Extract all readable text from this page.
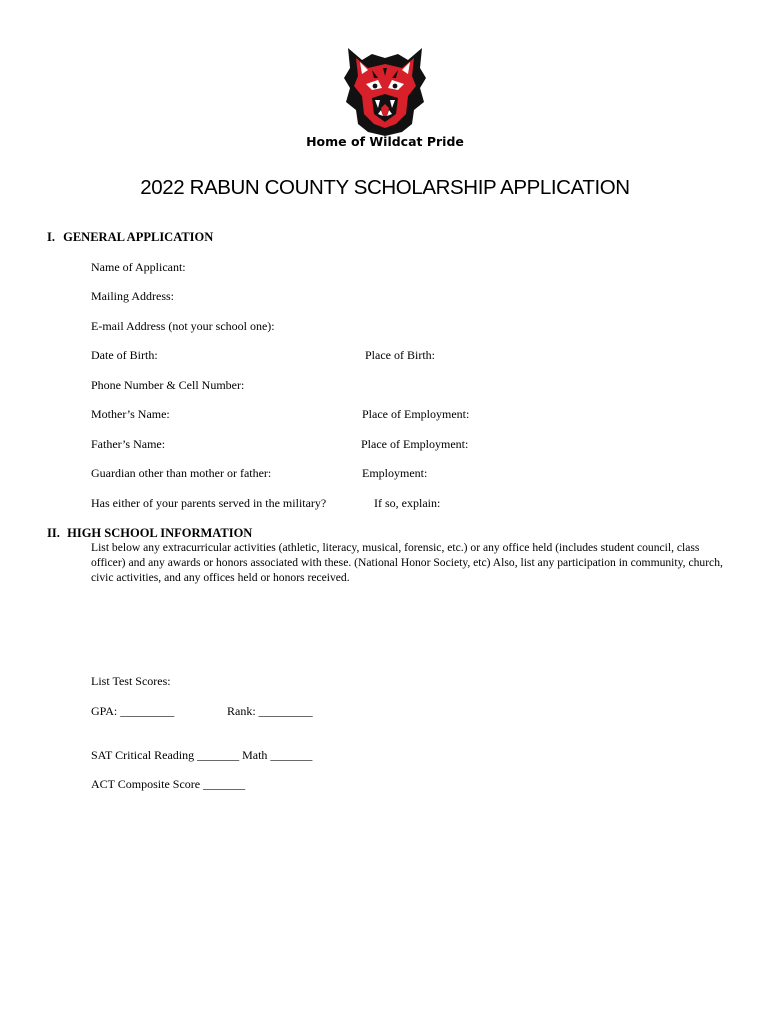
Home of Wildcat Pride
2022 RABUN COUNTY SCHOLARSHIP APPLICATION
I. GENERAL APPLICATION
Name of Applicant:
Mailing Address:
E-mail Address (not your school one):
Date of Birth:	Place of Birth:
Phone Number & Cell Number:
Mother’s Name:	Place of Employment:
Father’s Name:	Place of Employment:
Guardian other than mother or father:	Employment:
Has either of your parents served in the military?	If so, explain:
II. HIGH SCHOOL INFORMATION
List below any extracurricular activities (athletic, literacy, musical, forensic, etc.) or any office held (includes student council, class officer) and any awards or honors associated with these. (National Honor Society, etc) Also, list any participation in community, church, civic activities, and any offices held or honors received.
List Test Scores:
GPA: _________	Rank: _________
SAT Critical Reading _______ Math _______
ACT Composite Score _______
